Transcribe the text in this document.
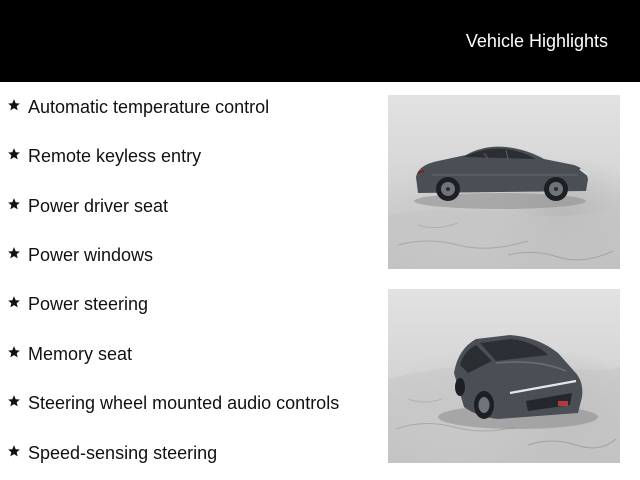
Vehicle Highlights
Automatic temperature control
Remote keyless entry
Power driver seat
Power windows
Power steering
Memory seat
Steering wheel mounted audio controls
Speed-sensing steering
